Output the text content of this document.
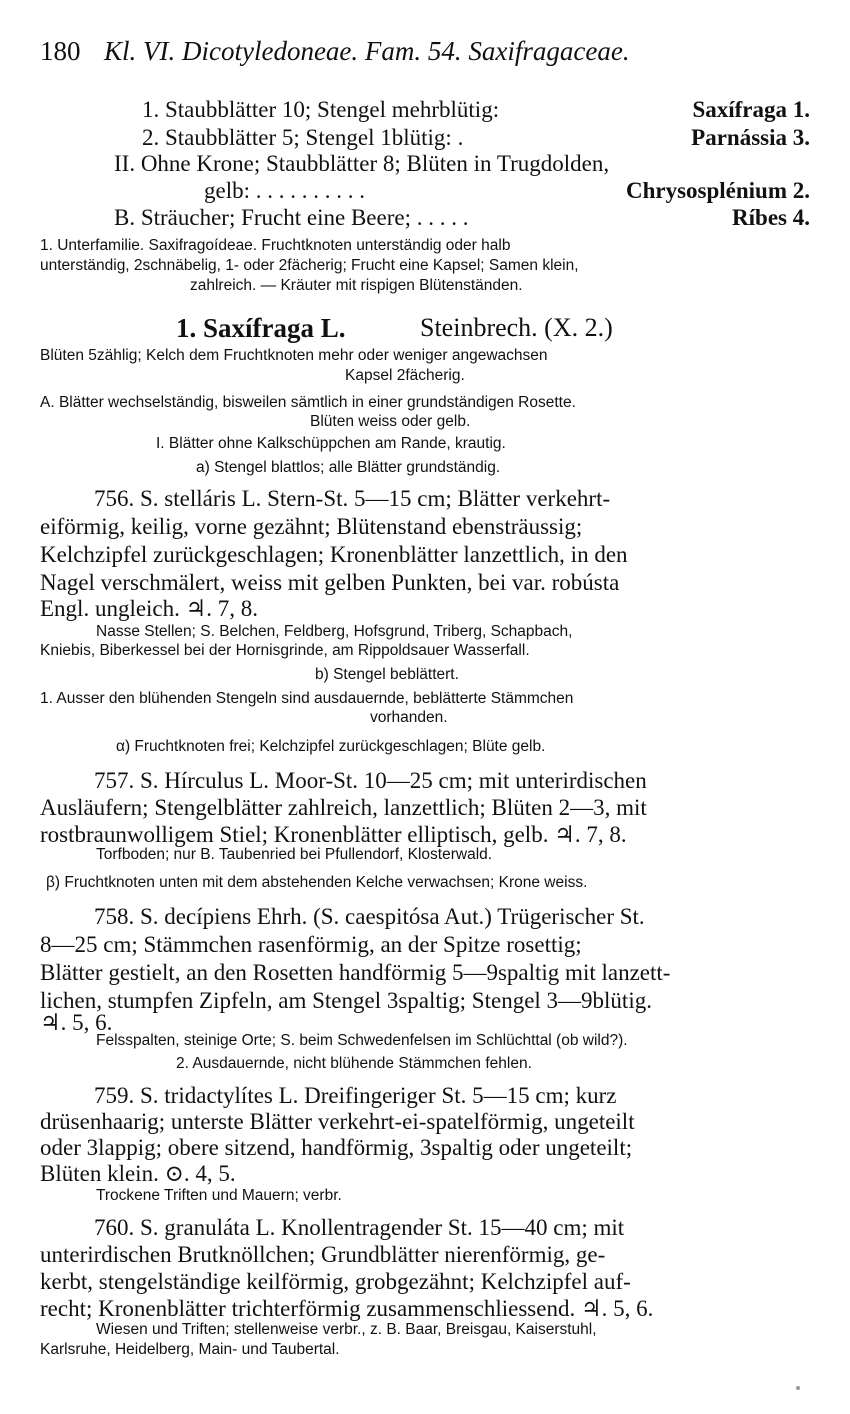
180 Kl. VI. Dicotyledoneae. Fam. 54. Saxifragaceae.
1. Staubblätter 10; Stengel mehrblütig:	Saxífraga 1.
2. Staubblätter 5; Stengel 1blütig: .	Parnássia 3.
II. Ohne Krone; Staubblätter 8; Blüten in Trugdolden,
gelb: . . . . . . . . . .	Chrysosplénium 2.
B. Sträucher; Frucht eine Beere; . . . . .	Ríbes 4.
1. Unterfamilie. Saxifragoídeae. Fruchtknoten unterständig oder halb
unterständig, 2schnäbelig, 1- oder 2fächerig; Frucht eine Kapsel; Samen klein,
zahlreich. — Kräuter mit rispigen Blütenständen.
1. Saxífraga L.	Steinbrech. (X. 2.)
Blüten 5zählig; Kelch dem Fruchtknoten mehr oder weniger angewachsen
Kapsel 2fächerig.
A. Blätter wechselständig, bisweilen sämtlich in einer grundständigen Rosette.
Blüten weiss oder gelb.
I. Blätter ohne Kalkschüppchen am Rande, krautig.
a) Stengel blattlos; alle Blätter grundständig.
756. S. stelláris L. Stern-St. 5—15 cm; Blätter verkehrt-
eiförmig, keilig, vorne gezähnt; Blütenstand ebensträussig;
Kelchzipfel zurückgeschlagen; Kronenblätter lanzettlich, in den
Nagel verschmälert, weiss mit gelben Punkten, bei var. robústa
Engl. ungleich. ♃. 7, 8.
Nasse Stellen; S. Belchen, Feldberg, Hofsgrund, Triberg, Schapbach,
Kniebis, Biberkessel bei der Hornisgrinde, am Rippoldsauer Wasserfall.
b) Stengel beblättert.
1. Ausser den blühenden Stengeln sind ausdauernde, beblätterte Stämmchen
vorhanden.
α) Fruchtknoten frei; Kelchzipfel zurückgeschlagen; Blüte gelb.
757. S. Hírculus L. Moor-St. 10—25 cm; mit unterirdischen
Ausläufern; Stengelblätter zahlreich, lanzettlich; Blüten 2—3, mit
rostbraunwolligem Stiel; Kronenblätter elliptisch, gelb. ♃. 7, 8.
Torfboden; nur B. Taubenried bei Pfullendorf, Klosterwald.
β) Fruchtknoten unten mit dem abstehenden Kelche verwachsen; Krone weiss.
758. S. decípiens Ehrh. (S. caespitósa Aut.) Trügerischer St.
8—25 cm; Stämmchen rasenförmig, an der Spitze rosettig;
Blätter gestielt, an den Rosetten handförmig 5—9spaltig mit lanzett-
lichen, stumpfen Zipfeln, am Stengel 3spaltig; Stengel 3—9blütig.
♃. 5, 6.
Felsspalten, steinige Orte; S. beim Schwedenfelsen im Schlüchttal (ob wild?).
2. Ausdauernde, nicht blühende Stämmchen fehlen.
759. S. tridactylítes L. Dreifingeriger St. 5—15 cm; kurz
drüsenhaarig; unterste Blätter verkehrt-ei-spatelförmig, ungeteilt
oder 3lappig; obere sitzend, handförmig, 3spaltig oder ungeteilt;
Blüten klein. ⊙. 4, 5.
Trockene Triften und Mauern; verbr.
760. S. granuláta L. Knollentragender St. 15—40 cm; mit
unterirdischen Brutknöllchen; Grundblätter nierenförmig, ge-
kerbt, stengelständige keilförmig, grobgezähnt; Kelchzipfel auf-
recht; Kronenblätter trichterförmig zusammenschliessend. ♃. 5, 6.
Wiesen und Triften; stellenweise verbr., z. B. Baar, Breisgau, Kaiserstuhl,
Karlsruhe, Heidelberg, Main- und Taubertal.
